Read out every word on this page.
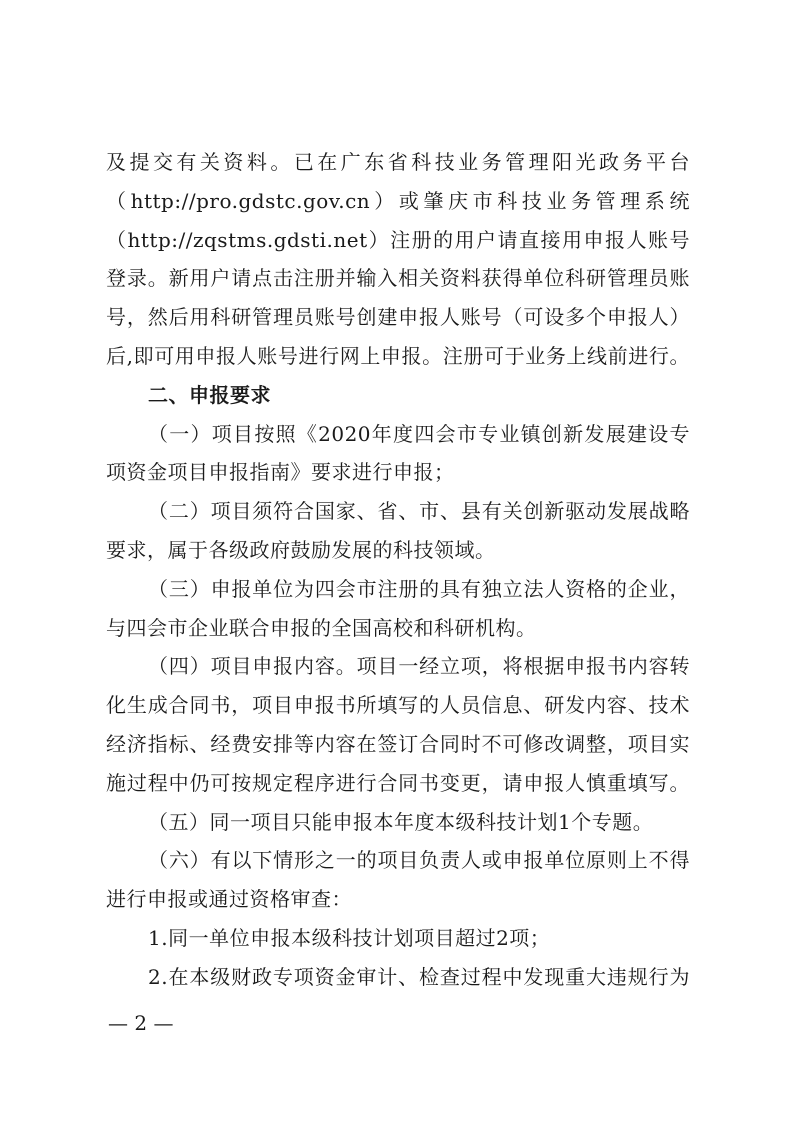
及提交有关资料。已在广东省科技业务管理阳光政务平台
（http://pro.gdstc.gov.cn）或肇庆市科技业务管理系统
（http://zqstms.gdsti.net）注册的用户请直接用申报人账号
登录。新用户请点击注册并输入相关资料获得单位科研管理员账
号，然后用科研管理员账号创建申报人账号（可设多个申报人）
后,即可用申报人账号进行网上申报。注册可于业务上线前进行。
二、申报要求
（一）项目按照《2020年度四会市专业镇创新发展建设专
项资金项目申报指南》要求进行申报；
（二）项目须符合国家、省、市、县有关创新驱动发展战略
要求，属于各级政府鼓励发展的科技领域。
（三）申报单位为四会市注册的具有独立法人资格的企业，
与四会市企业联合申报的全国高校和科研机构。
（四）项目申报内容。项目一经立项，将根据申报书内容转
化生成合同书，项目申报书所填写的人员信息、研发内容、技术
经济指标、经费安排等内容在签订合同时不可修改调整，项目实
施过程中仍可按规定程序进行合同书变更，请申报人慎重填写。
（五）同一项目只能申报本年度本级科技计划1个专题。
（六）有以下情形之一的项目负责人或申报单位原则上不得
进行申报或通过资格审查：
1.同一单位申报本级科技计划项目超过2项；
2.在本级财政专项资金审计、检查过程中发现重大违规行为
— 2 —
